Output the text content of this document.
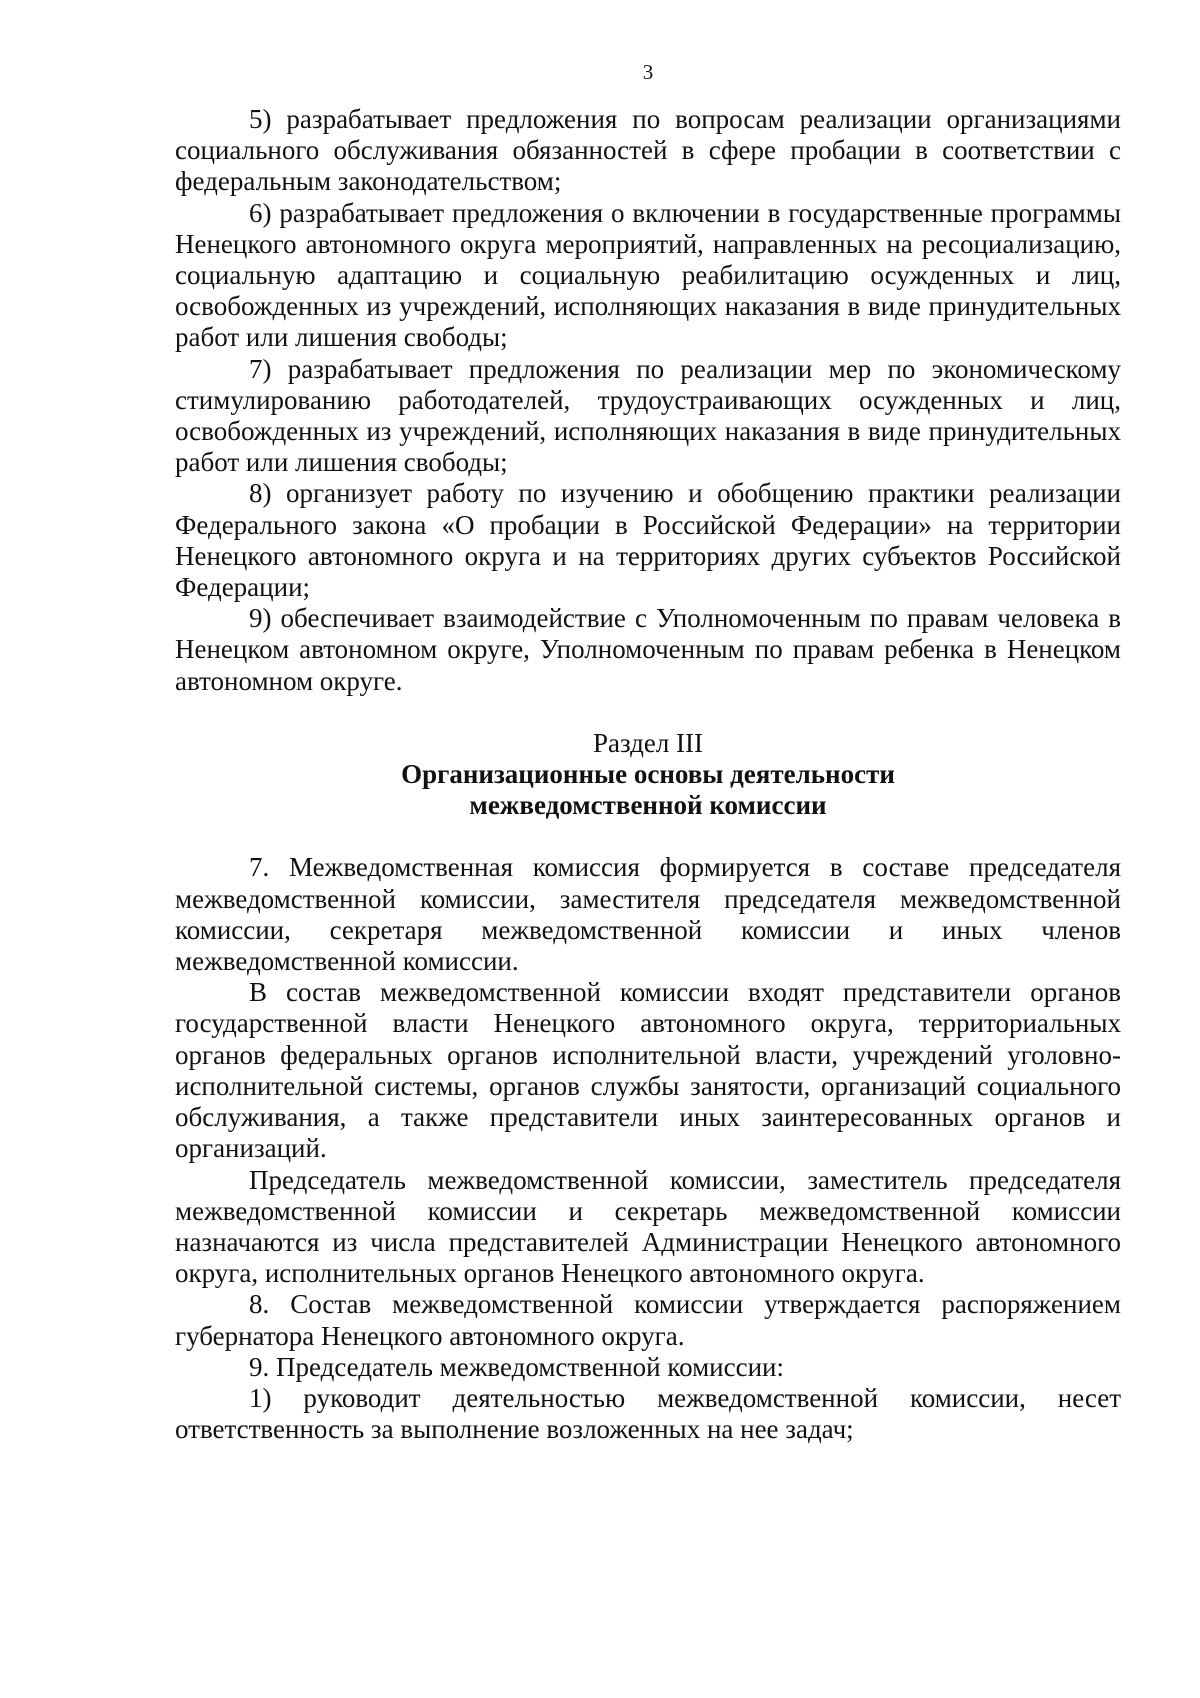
3

5) разрабатывает предложения по вопросам реализации организациями социального обслуживания обязанностей в сфере пробации в соответствии с федеральным законодательством;

6) разрабатывает предложения о включении в государственные программы Ненецкого автономного округа мероприятий, направленных на ресоциализацию, социальную адаптацию и социальную реабилитацию осужденных и лиц, освобожденных из учреждений, исполняющих наказания в виде принудительных работ или лишения свободы;

7) разрабатывает предложения по реализации мер по экономическому стимулированию работодателей, трудоустраивающих осужденных и лиц, освобожденных из учреждений, исполняющих наказания в виде принудительных работ или лишения свободы;

8) организует работу по изучению и обобщению практики реализации Федерального закона «О пробации в Российской Федерации» на территории Ненецкого автономного округа и на территориях других субъектов Российской Федерации;

9) обеспечивает взаимодействие с Уполномоченным по правам человека в Ненецком автономном округе, Уполномоченным по правам ребенка в Ненецком автономном округе.

Раздел III
Организационные основы деятельности
межведомственной комиссии

7. Межведомственная комиссия формируется в составе председателя межведомственной комиссии, заместителя председателя межведомственной комиссии, секретаря межведомственной комиссии и иных членов межведомственной комиссии.

В состав межведомственной комиссии входят представители органов государственной власти Ненецкого автономного округа, территориальных органов федеральных органов исполнительной власти, учреждений уголовно-исполнительной системы, органов службы занятости, организаций социального обслуживания, а также представители иных заинтересованных органов и организаций.

Председатель межведомственной комиссии, заместитель председателя межведомственной комиссии и секретарь межведомственной комиссии назначаются из числа представителей Администрации Ненецкого автономного округа, исполнительных органов Ненецкого автономного округа.

8. Состав межведомственной комиссии утверждается распоряжением губернатора Ненецкого автономного округа.

9. Председатель межведомственной комиссии:

1) руководит деятельностью межведомственной комиссии, несет ответственность за выполнение возложенных на нее задач;
